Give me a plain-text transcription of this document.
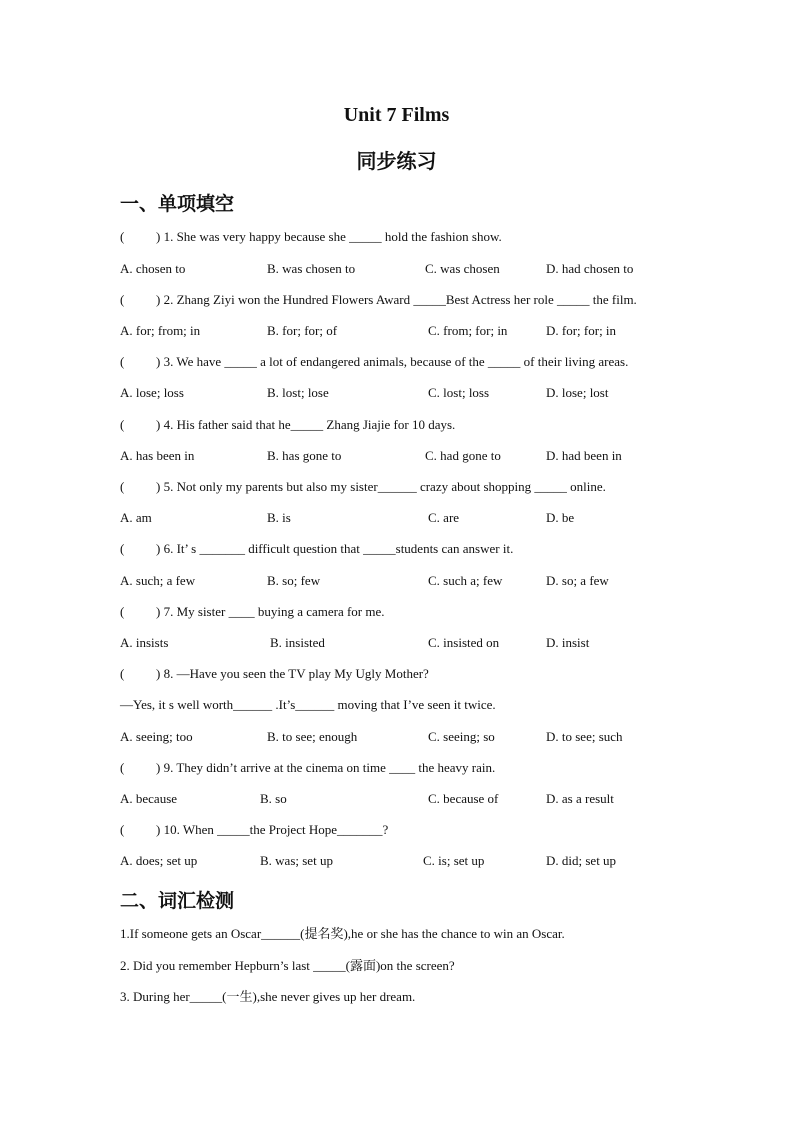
Unit 7 Films
同步练习
一、单项填空
( ) 1. She was very happy because she _____ hold the fashion show.
A. chosen to	B. was chosen to	C. was chosen	D. had chosen to
( ) 2. Zhang Ziyi won the Hundred Flowers Award _____Best Actress her role _____ the film.
A. for; from; in	B. for; for; of	C. from; for; in	D. for; for; in
( ) 3. We have _____ a lot of endangered animals, because of the _____ of their living areas.
A. lose; loss	B. lost; lose	C. lost; loss	D. lose; lost
( ) 4. His father said that he_____ Zhang Jiajie for 10 days.
A. has been in	B. has gone to	C. had gone to	D. had been in
( ) 5. Not only my parents but also my sister______ crazy about shopping _____ online.
A. am	B. is	C. are	D. be
( ) 6. It’ s _______ difficult question that _____students can answer it.
A. such; a few	B. so; few	C. such a; few	D. so; a few
( ) 7. My sister ____ buying a camera for me.
A. insists	B. insisted	C. insisted on	D. insist
( ) 8. —Have you seen the TV play My Ugly Mother?
—Yes, it s well worth______ .It’s______ moving that I’ve seen it twice.
A. seeing; too	B. to see; enough	C. seeing; so	D. to see; such
( ) 9. They didn’t arrive at the cinema on time ____ the heavy rain.
A. because	B. so	C. because of	D. as a result
( ) 10. When _____the Project Hope_______?
A. does; set up	B. was; set up	C. is; set up	D. did; set up
二、词汇检测
1.If someone gets an Oscar______(提名奖),he or she has the chance to win an Oscar.
2. Did you remember Hepburn’s last _____(露面)on the screen?
3. During her_____(一生),she never gives up her dream.
